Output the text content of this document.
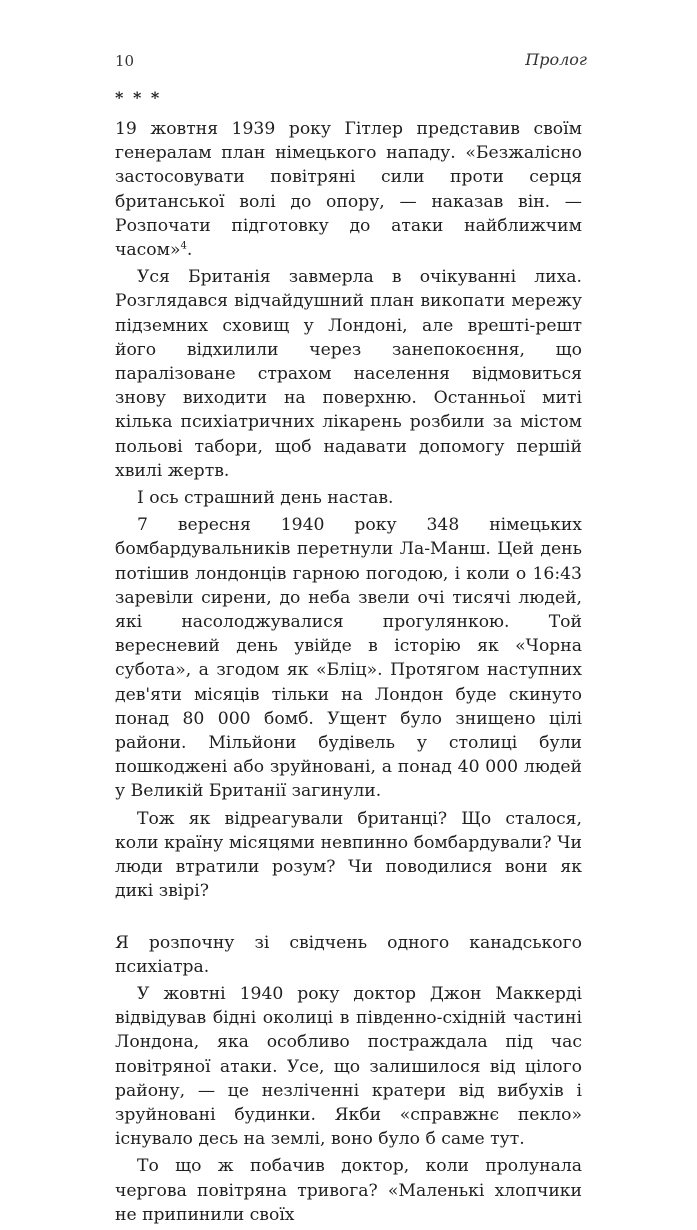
10	Пролог
* * *

19 жовтня 1939 року Гітлер представив своїм генералам план німецького нападу. «Безжалісно застосовувати повітряні сили проти серця британської волі до опору, — наказав він. — Розпочати підготовку до атаки найближчим часом»$^4$.

Уся Британія завмерла в очікуванні лиха. Розглядався відчайдушний план викопати мережу підземних сховищ у Лондоні, але врешті-решт його відхилили через занепокоєння, що паралізоване страхом населення відмовиться знову виходити на поверхню. Останньої миті кілька психіатричних лікарень розбили за містом польові табори, щоб надавати допомогу першій хвилі жертв.

І ось страшний день настав.

7 вересня 1940 року 348 німецьких бомбардувальників перетнули Ла-Манш. Цей день потішив лондонців гарною погодою, і коли о 16:43 заревіли сирени, до неба звели очі тисячі людей, які насолоджувалися прогулянкою. Той вересневий день увійде в історію як «Чорна субота», а згодом як «Бліц». Протягом наступних дев'яти місяців тільки на Лондон буде скинуто понад 80 000 бомб. Ущент було знищено цілі райони. Мільйони будівель у столиці були пошкоджені або зруйновані, а понад 40 000 людей у Великій Британії загинули.

Тож як відреагували британці? Що сталося, коли країну місяцями невпинно бомбардували? Чи люди втратили розум? Чи поводилися вони як дикі звірі?

Я розпочну зі свідчень одного канадського психіатра.

У жовтні 1940 року доктор Джон Маккерді відвідував бідні околиці в південно-східній частині Лондона, яка особливо постраждала під час повітряної атаки. Усе, що залишилося від цілого району, — це незліченні кратери від вибухів і зруйновані будинки. Якби «справжнє пекло» існувало десь на землі, воно було б саме тут.

То що ж побачив доктор, коли пролунала чергова повітряна тривога? «Маленькі хлопчики не припинили своїх
